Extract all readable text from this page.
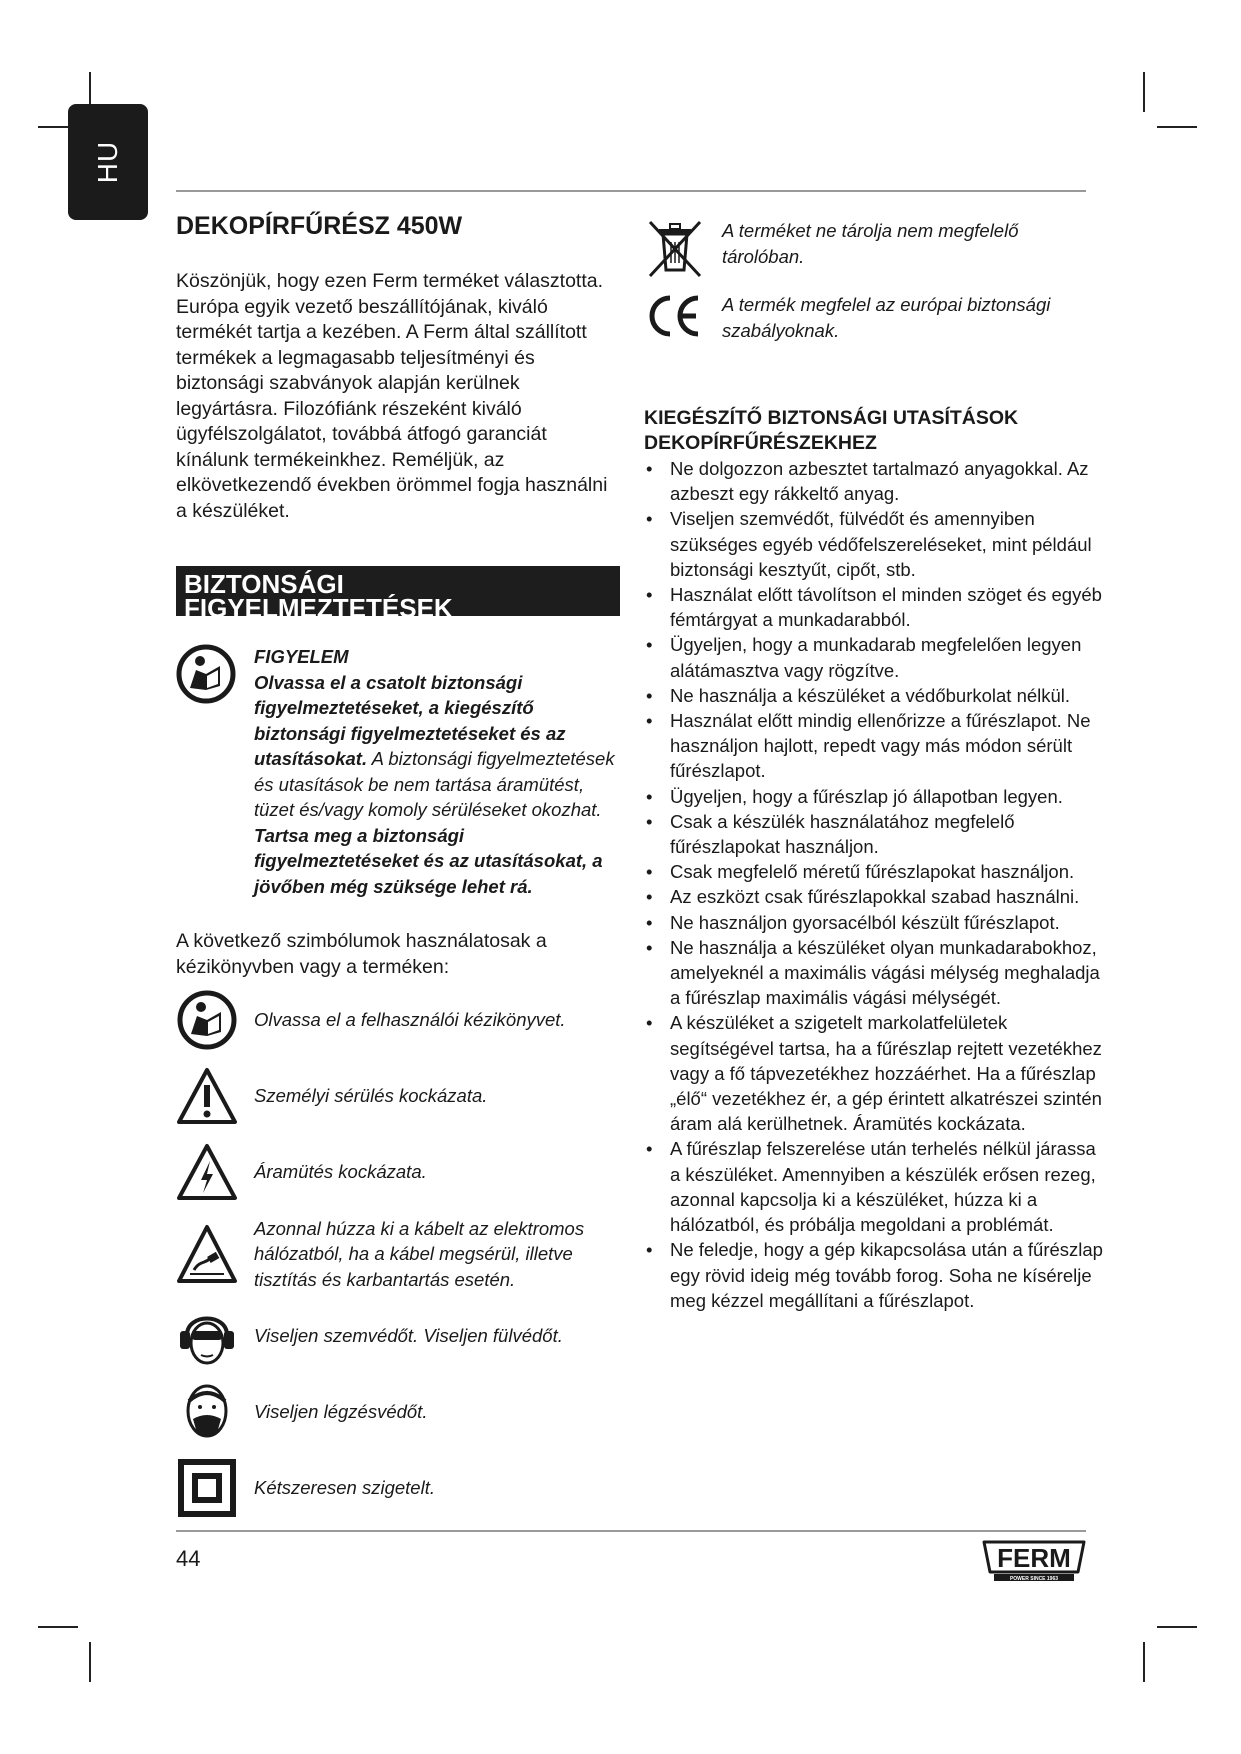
HU
DEKOPÍRFŰRÉSZ 450W

Köszönjük, hogy ezen Ferm terméket választotta. Európa egyik vezető beszállítójának, kiváló termékét tartja a kezében. A Ferm által szállított termékek a legmagasabb teljesítményi és biztonsági szabványok alapján kerülnek legyártásra. Filozófiánk részeként kiváló ügyfélszolgálatot, továbbá átfogó garanciát kínálunk termékeinkhez. Reméljük, az elkövetkezendő években örömmel fogja használni a készüléket.

BIZTONSÁGI
FIGYELMEZTETÉSEK
FIGYELEM
Olvassa el a csatolt biztonsági figyelmeztetéseket, a kiegészítő biztonsági figyelmeztetéseket és az utasításokat. A biztonsági figyelmeztetések és utasítások be nem tartása áramütést, tüzet és/vagy komoly sérüléseket okozhat. Tartsa meg a biztonsági figyelmeztetéseket és az utasításokat, a jövőben még szüksége lehet rá.
A következő szimbólumok használatosak a kézikönyvben vagy a terméken:
Olvassa el a felhasználói kézikönyvet.
Személyi sérülés kockázata.
Áramütés kockázata.
Azonnal húzza ki a kábelt az elektromos hálózatból, ha a kábel megsérül, illetve tisztítás és karbantartás esetén.
Viseljen szemvédőt. Viseljen fülvédőt.
Viseljen légzésvédőt.
Kétszeresen szigetelt.
A terméket ne tárolja nem megfelelő tárolóban.
A termék megfelel az európai biztonsági szabályoknak.
KIEGÉSZÍTŐ BIZTONSÁGI UTASÍTÁSOK DEKOPÍRFŰRÉSZEKHEZ
• Ne dolgozzon azbesztet tartalmazó anyagokkal. Az azbeszt egy rákkeltő anyag.
• Viseljen szemvédőt, fülvédőt és amennyiben szükséges egyéb védőfelszereléseket, mint például biztonsági kesztyűt, cipőt, stb.
• Használat előtt távolítson el minden szöget és egyéb fémtárgyat a munkadarabból.
• Ügyeljen, hogy a munkadarab megfelelően legyen alátámasztva vagy rögzítve.
• Ne használja a készüléket a védőburkolat nélkül.
• Használat előtt mindig ellenőrizze a fűrészlapot. Ne használjon hajlott, repedt vagy más módon sérült fűrészlapot.
• Ügyeljen, hogy a fűrészlap jó állapotban legyen.
• Csak a készülék használatához megfelelő fűrészlapokat használjon.
• Csak megfelelő méretű fűrészlapokat használjon.
• Az eszközt csak fűrészlapokkal szabad használni.
• Ne használjon gyorsacélból készült fűrészlapot.
• Ne használja a készüléket olyan munkadarabokhoz, amelyeknél a maximális vágási mélység meghaladja a fűrészlap maximális vágási mélységét.
• A készüléket a szigetelt markolatfelületek segítségével tartsa, ha a fűrészlap rejtett vezetékhez vagy a fő tápvezetékhez hozzáérhet. Ha a fűrészlap „élő“ vezetékhez ér, a gép érintett alkatrészei szintén áram alá kerülhetnek. Áramütés kockázata.
• A fűrészlap felszerelése után terhelés nélkül járassa a készüléket. Amennyiben a készülék erősen rezeg, azonnal kapcsolja ki a készüléket, húzza ki a hálózatból, és próbálja megoldani a problémát.
• Ne feledje, hogy a gép kikapcsolása után a fűrészlap egy rövid ideig még tovább forog. Soha ne kísérelje meg kézzel megállítani a fűrészlapot.
44	FERM
POWER SINCE 1963
